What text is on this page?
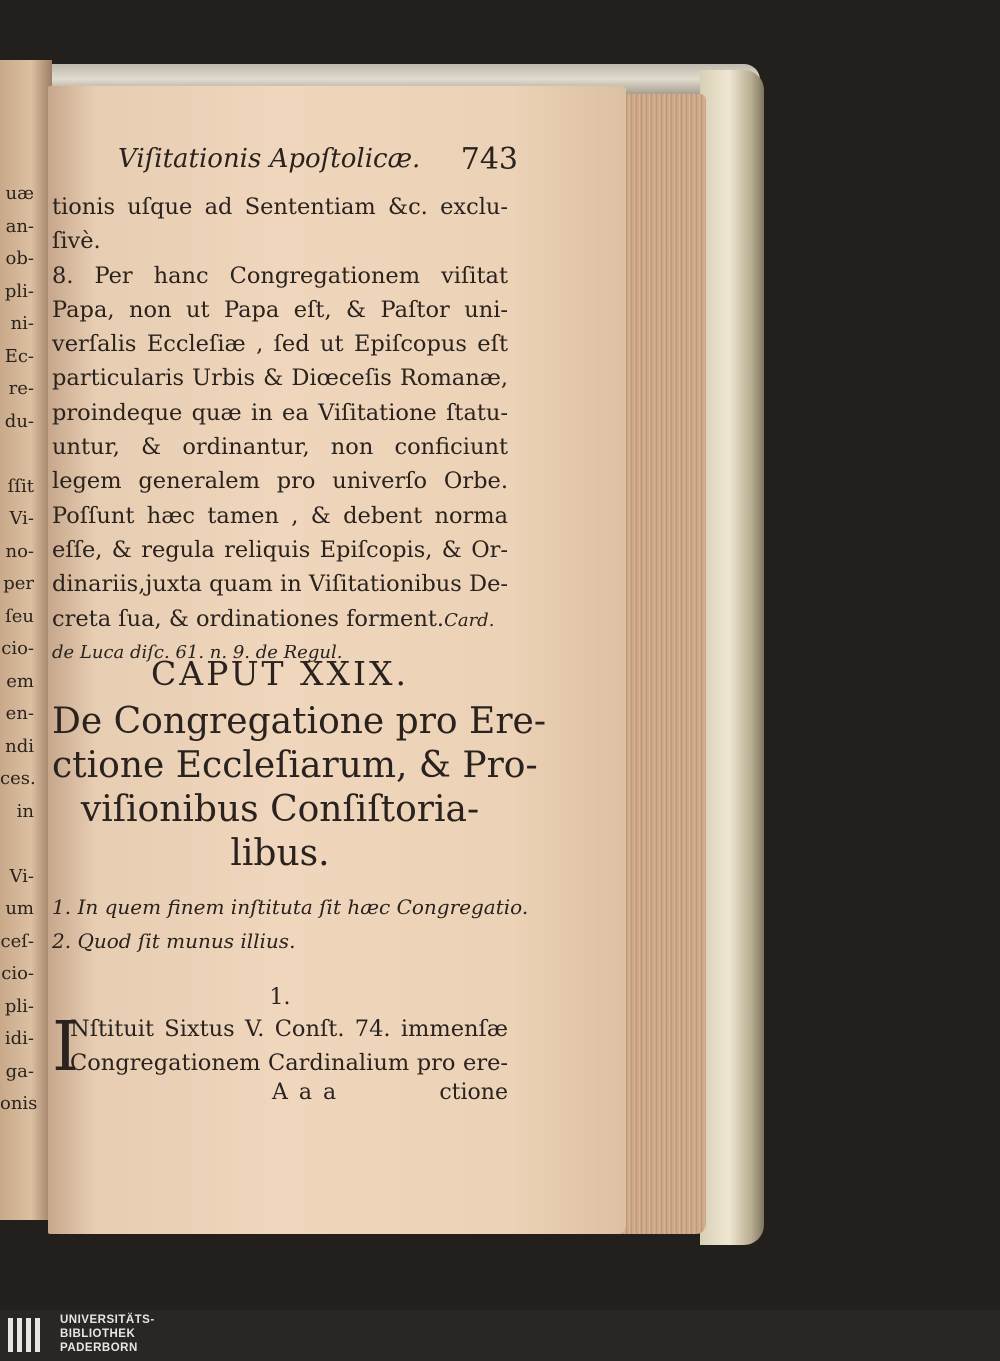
uæ
an-
ob-
pli-
ni-
Ec-
re-
du-
ſſit
Vi-
no-
per
ſeu
cio-
em
en-
ndi
ces.
in
Vi-
um
ceſ-
cio-
pli-
idi-
ga-
onis
Viſitationis Apoſtolicæ. 743
tionis uſque ad Sententiam &c. exclu-
ſivè.
8. Per hanc Congregationem viſitat
Papa, non ut Papa eſt, & Paſtor uni-
verſalis Eccleſiæ , ſed ut Epiſcopus eſt
particularis Urbis & Diœceſis Romanæ,
proindeque quæ in ea Viſitatione ſtatu-
untur, & ordinantur, non conficiunt
legem generalem pro univerſo Orbe.
Poſſunt hæc tamen , & debent norma
eſſe, & regula reliquis Epiſcopis, & Or-
dinariis,juxta quam in Viſitationibus De-
creta ſua, & ordinationes forment.Card.
de Luca diſc. 61. n. 9. de Regul.
CAPUT XXIX.
De Congregatione pro Ere-
ctione Eccleſiarum, & Pro-
viſionibus Conſiſtoria-
libus.
1. In quem finem inſtituta ſit hæc Congregatio.
2. Quod ſit munus illius.
1.
I
Nſtituit Sixtus V. Conſt. 74. immenſæ
Congregationem Cardinalium pro ere-
A a a	ctione
UNIVERSITÄTS-
BIBLIOTHEK
PADERBORN
